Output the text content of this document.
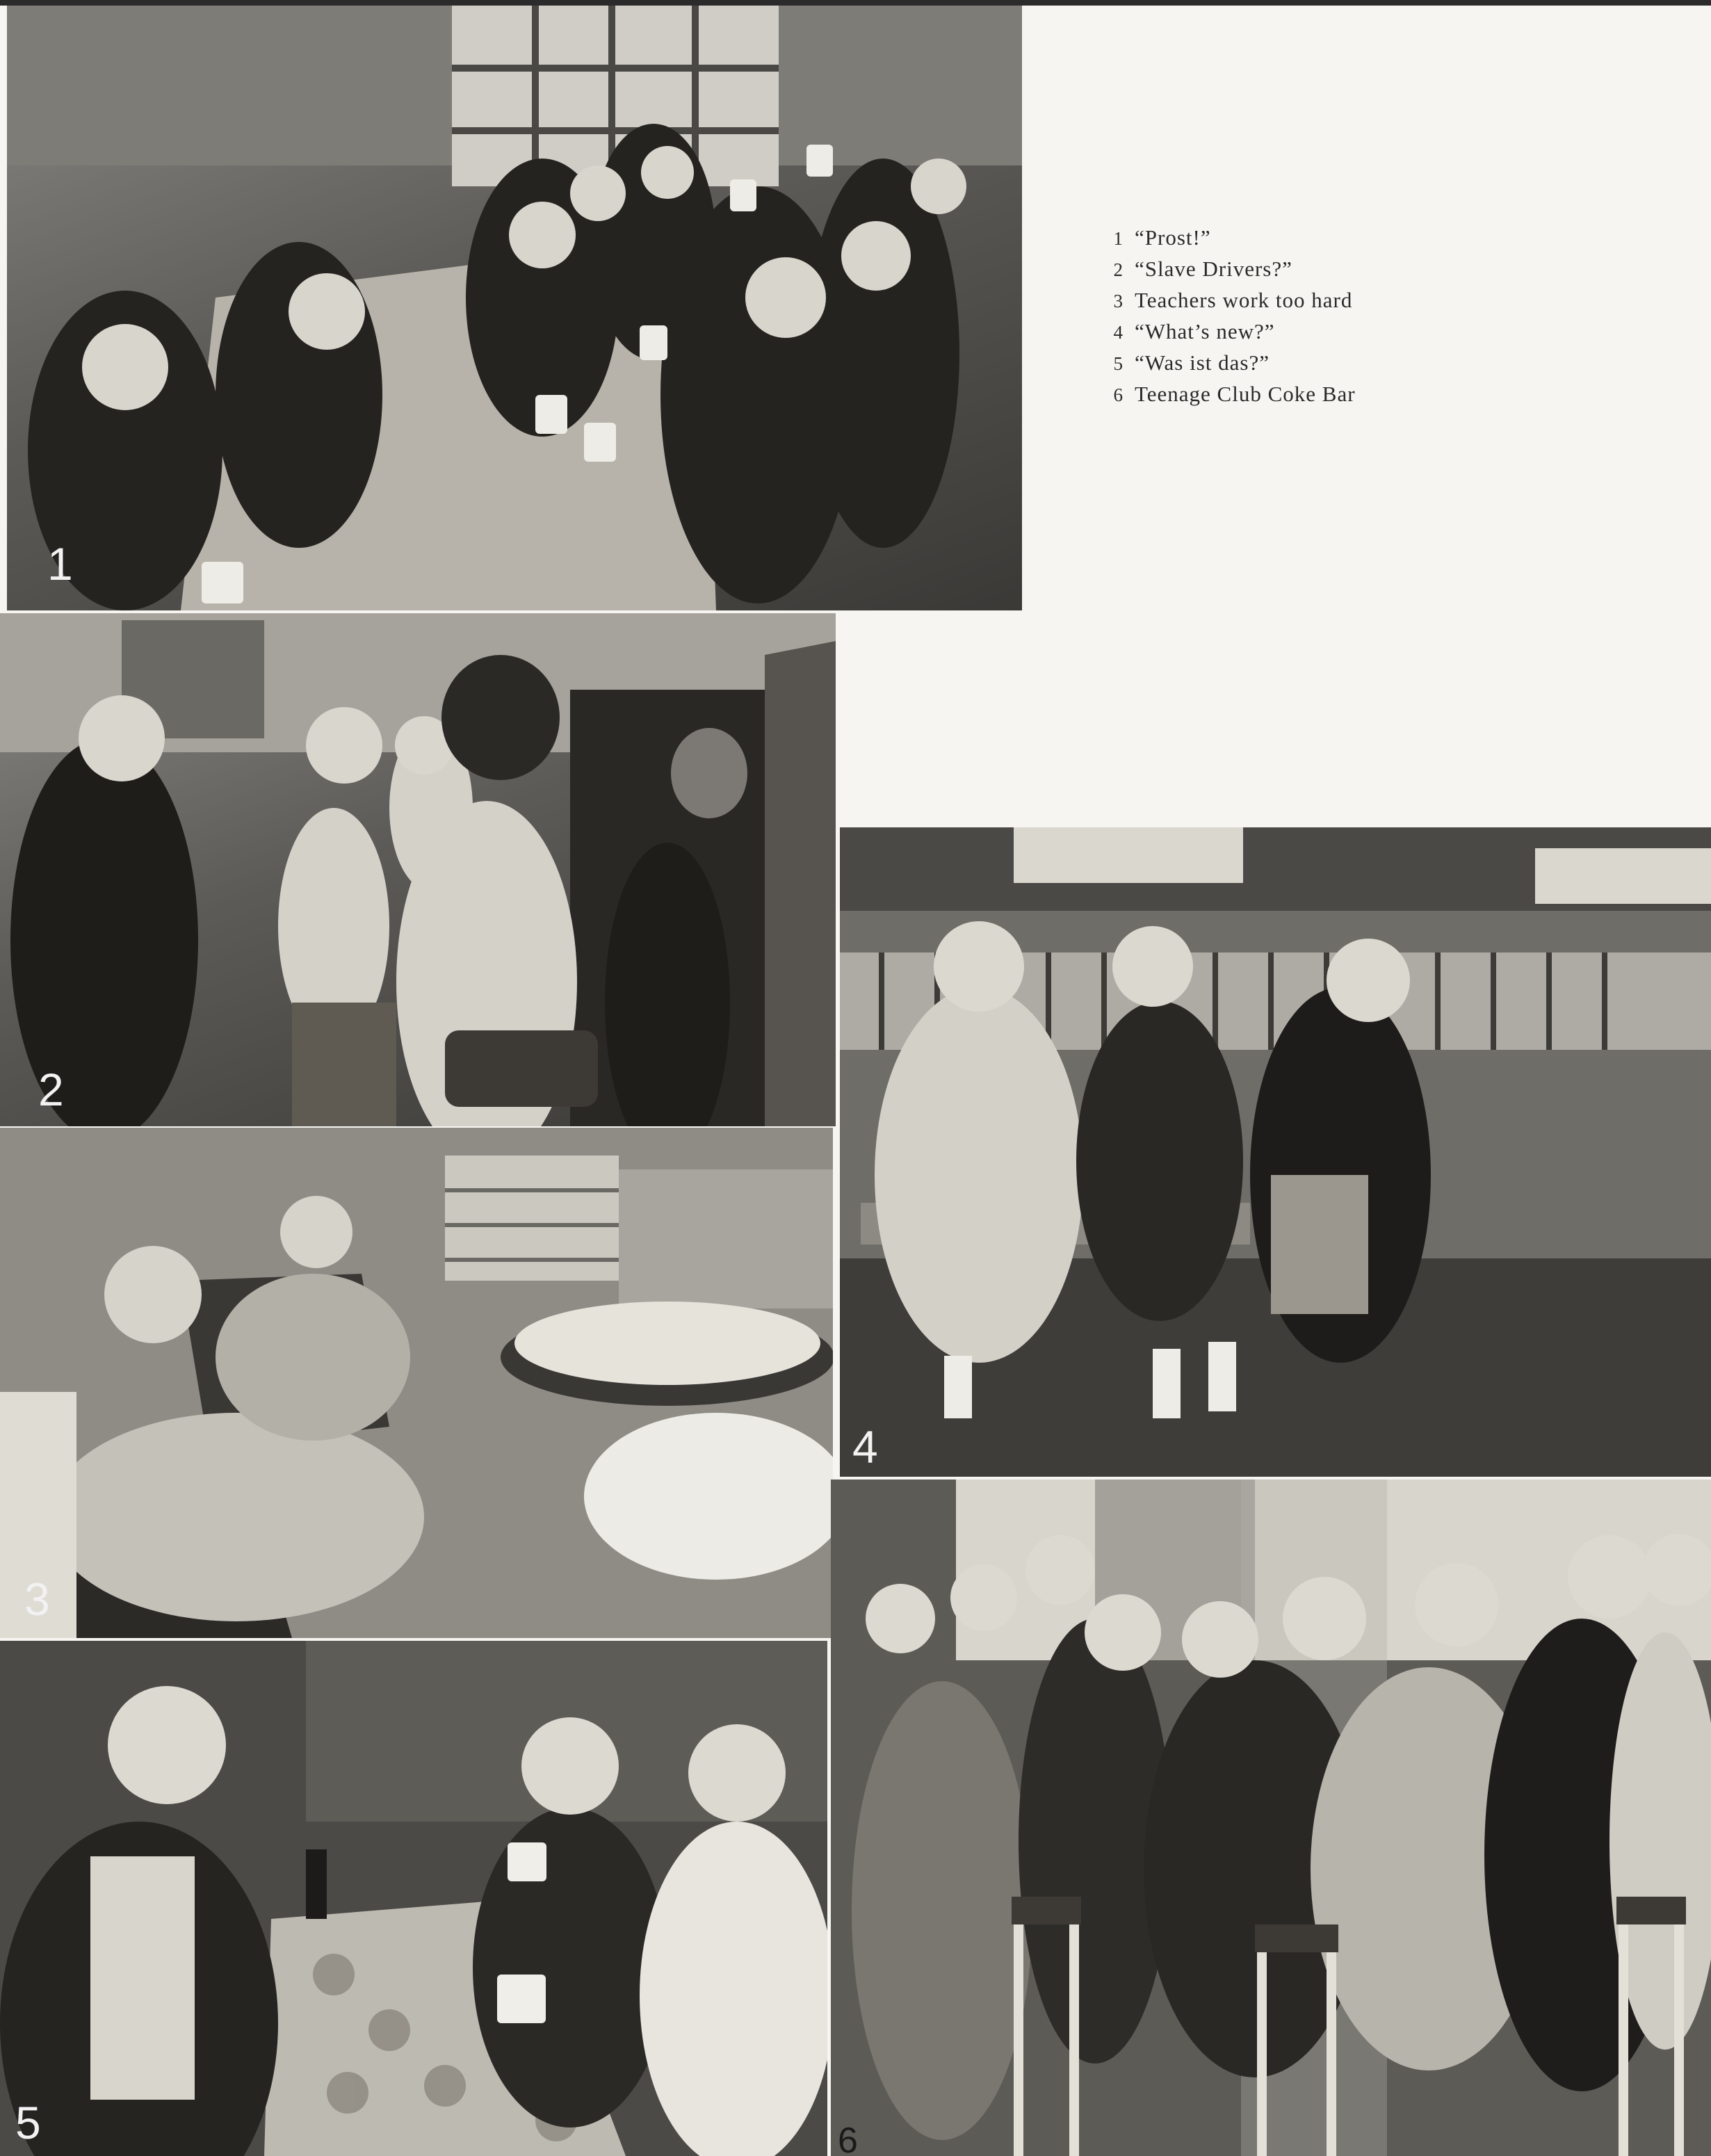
1
2
3
4
5	6
1 “Prost!”
2 “Slave Drivers?”
3 Teachers work too hard
4 “What’s new?”
5 “Was ist das?”
6 Teenage Club Coke Bar
